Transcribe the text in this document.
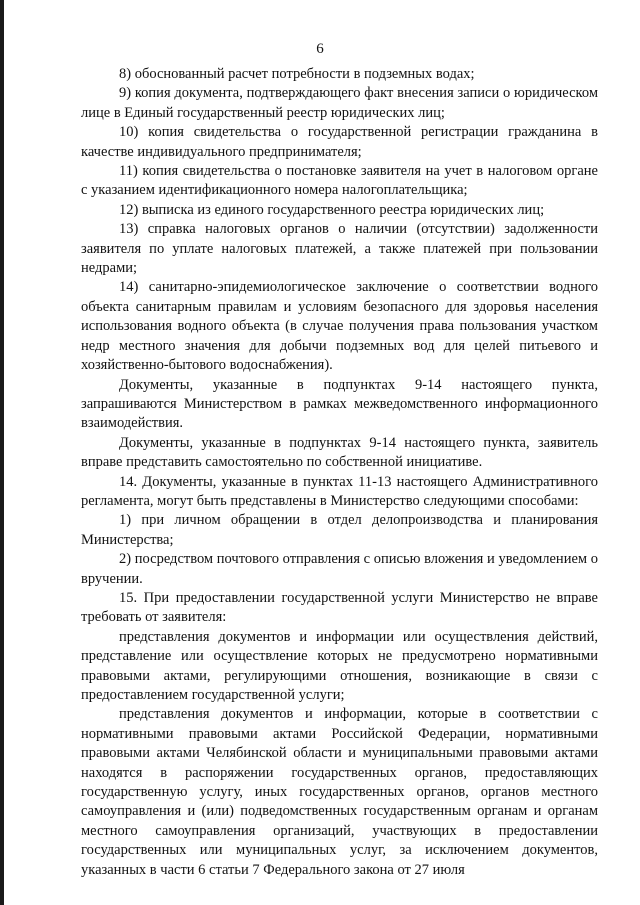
6

8) обоснованный расчет потребности в подземных водах;

9) копия документа, подтверждающего факт внесения записи о юридическом лице в Единый государственный реестр юридических лиц;

10) копия свидетельства о государственной регистрации гражданина в качестве индивидуального предпринимателя;

11) копия свидетельства о постановке заявителя на учет в налоговом органе с указанием идентификационного номера налогоплательщика;

12) выписка из единого государственного реестра юридических лиц;

13) справка налоговых органов о наличии (отсутствии) задолженности заявителя по уплате налоговых платежей, а также платежей при пользовании недрами;

14) санитарно-эпидемиологическое заключение о соответствии водного объекта санитарным правилам и условиям безопасного для здоровья населения использования водного объекта (в случае получения права пользования участком недр местного значения для добычи подземных вод для целей питьевого и хозяйственно-бытового водоснабжения).

Документы, указанные в подпунктах 9-14 настоящего пункта, запрашиваются Министерством в рамках межведомственного информационного взаимодействия.

Документы, указанные в подпунктах 9-14 настоящего пункта, заявитель вправе представить самостоятельно по собственной инициативе.

14. Документы, указанные в пунктах 11-13 настоящего Административного регламента, могут быть представлены в Министерство следующими способами:

1) при личном обращении в отдел делопроизводства и планирования Министерства;

2) посредством почтового отправления с описью вложения и уведомлением о вручении.

15. При предоставлении государственной услуги Министерство не вправе требовать от заявителя:

представления документов и информации или осуществления действий, представление или осуществление которых не предусмотрено нормативными правовыми актами, регулирующими отношения, возникающие в связи с предоставлением государственной услуги;

представления документов и информации, которые в соответствии с нормативными правовыми актами Российской Федерации, нормативными правовыми актами Челябинской области и муниципальными правовыми актами находятся в распоряжении государственных органов, предоставляющих государственную услугу, иных государственных органов, органов местного самоуправления и (или) подведомственных государственным органам и органам местного самоуправления организаций, участвующих в предоставлении государственных или муниципальных услуг, за исключением документов, указанных в части 6 статьи 7 Федерального закона от 27 июля
